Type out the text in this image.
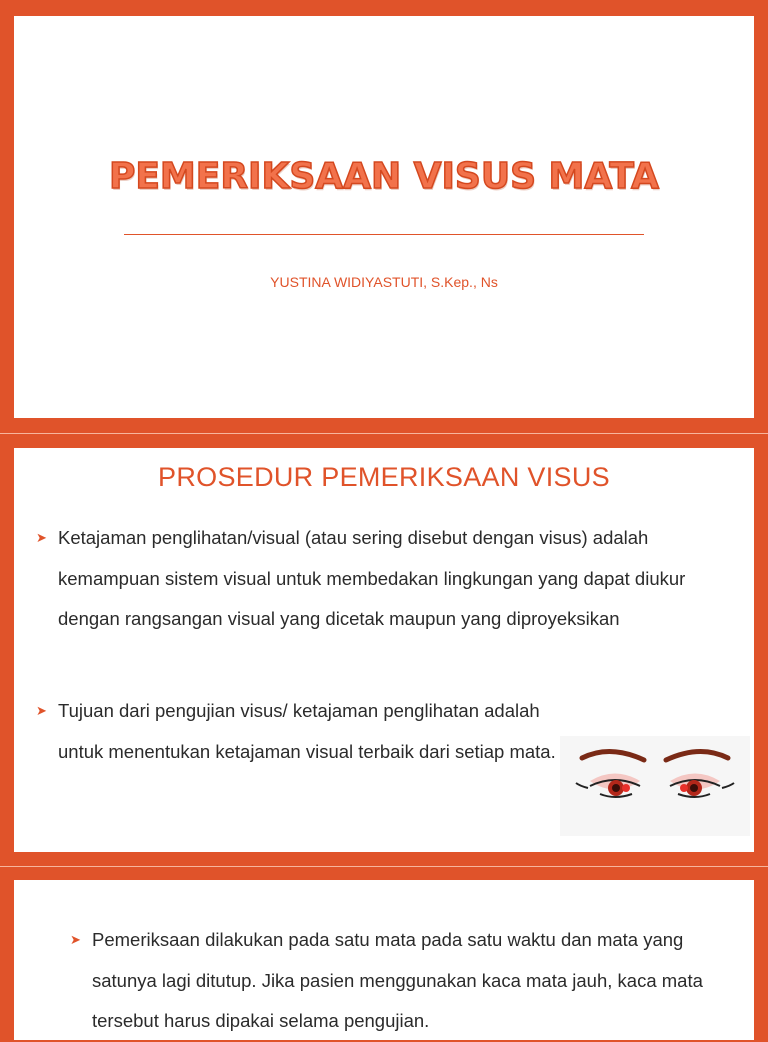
PEMERIKSAAN VISUS MATA
YUSTINA WIDIYASTUTI, S.Kep., Ns
PROSEDUR PEMERIKSAAN VISUS
➤ Ketajaman penglihatan/visual (atau sering disebut dengan visus) adalah kemampuan sistem visual untuk membedakan lingkungan yang dapat diukur dengan rangsangan visual yang dicetak maupun yang diproyeksikan
➤ Tujuan dari pengujian visus/ ketajaman penglihatan adalah untuk menentukan ketajaman visual terbaik dari setiap mata.
➤ Pemeriksaan dilakukan pada satu mata pada satu waktu dan mata yang satunya lagi ditutup. Jika pasien menggunakan kaca mata jauh, kaca mata tersebut harus dipakai selama pengujian.
